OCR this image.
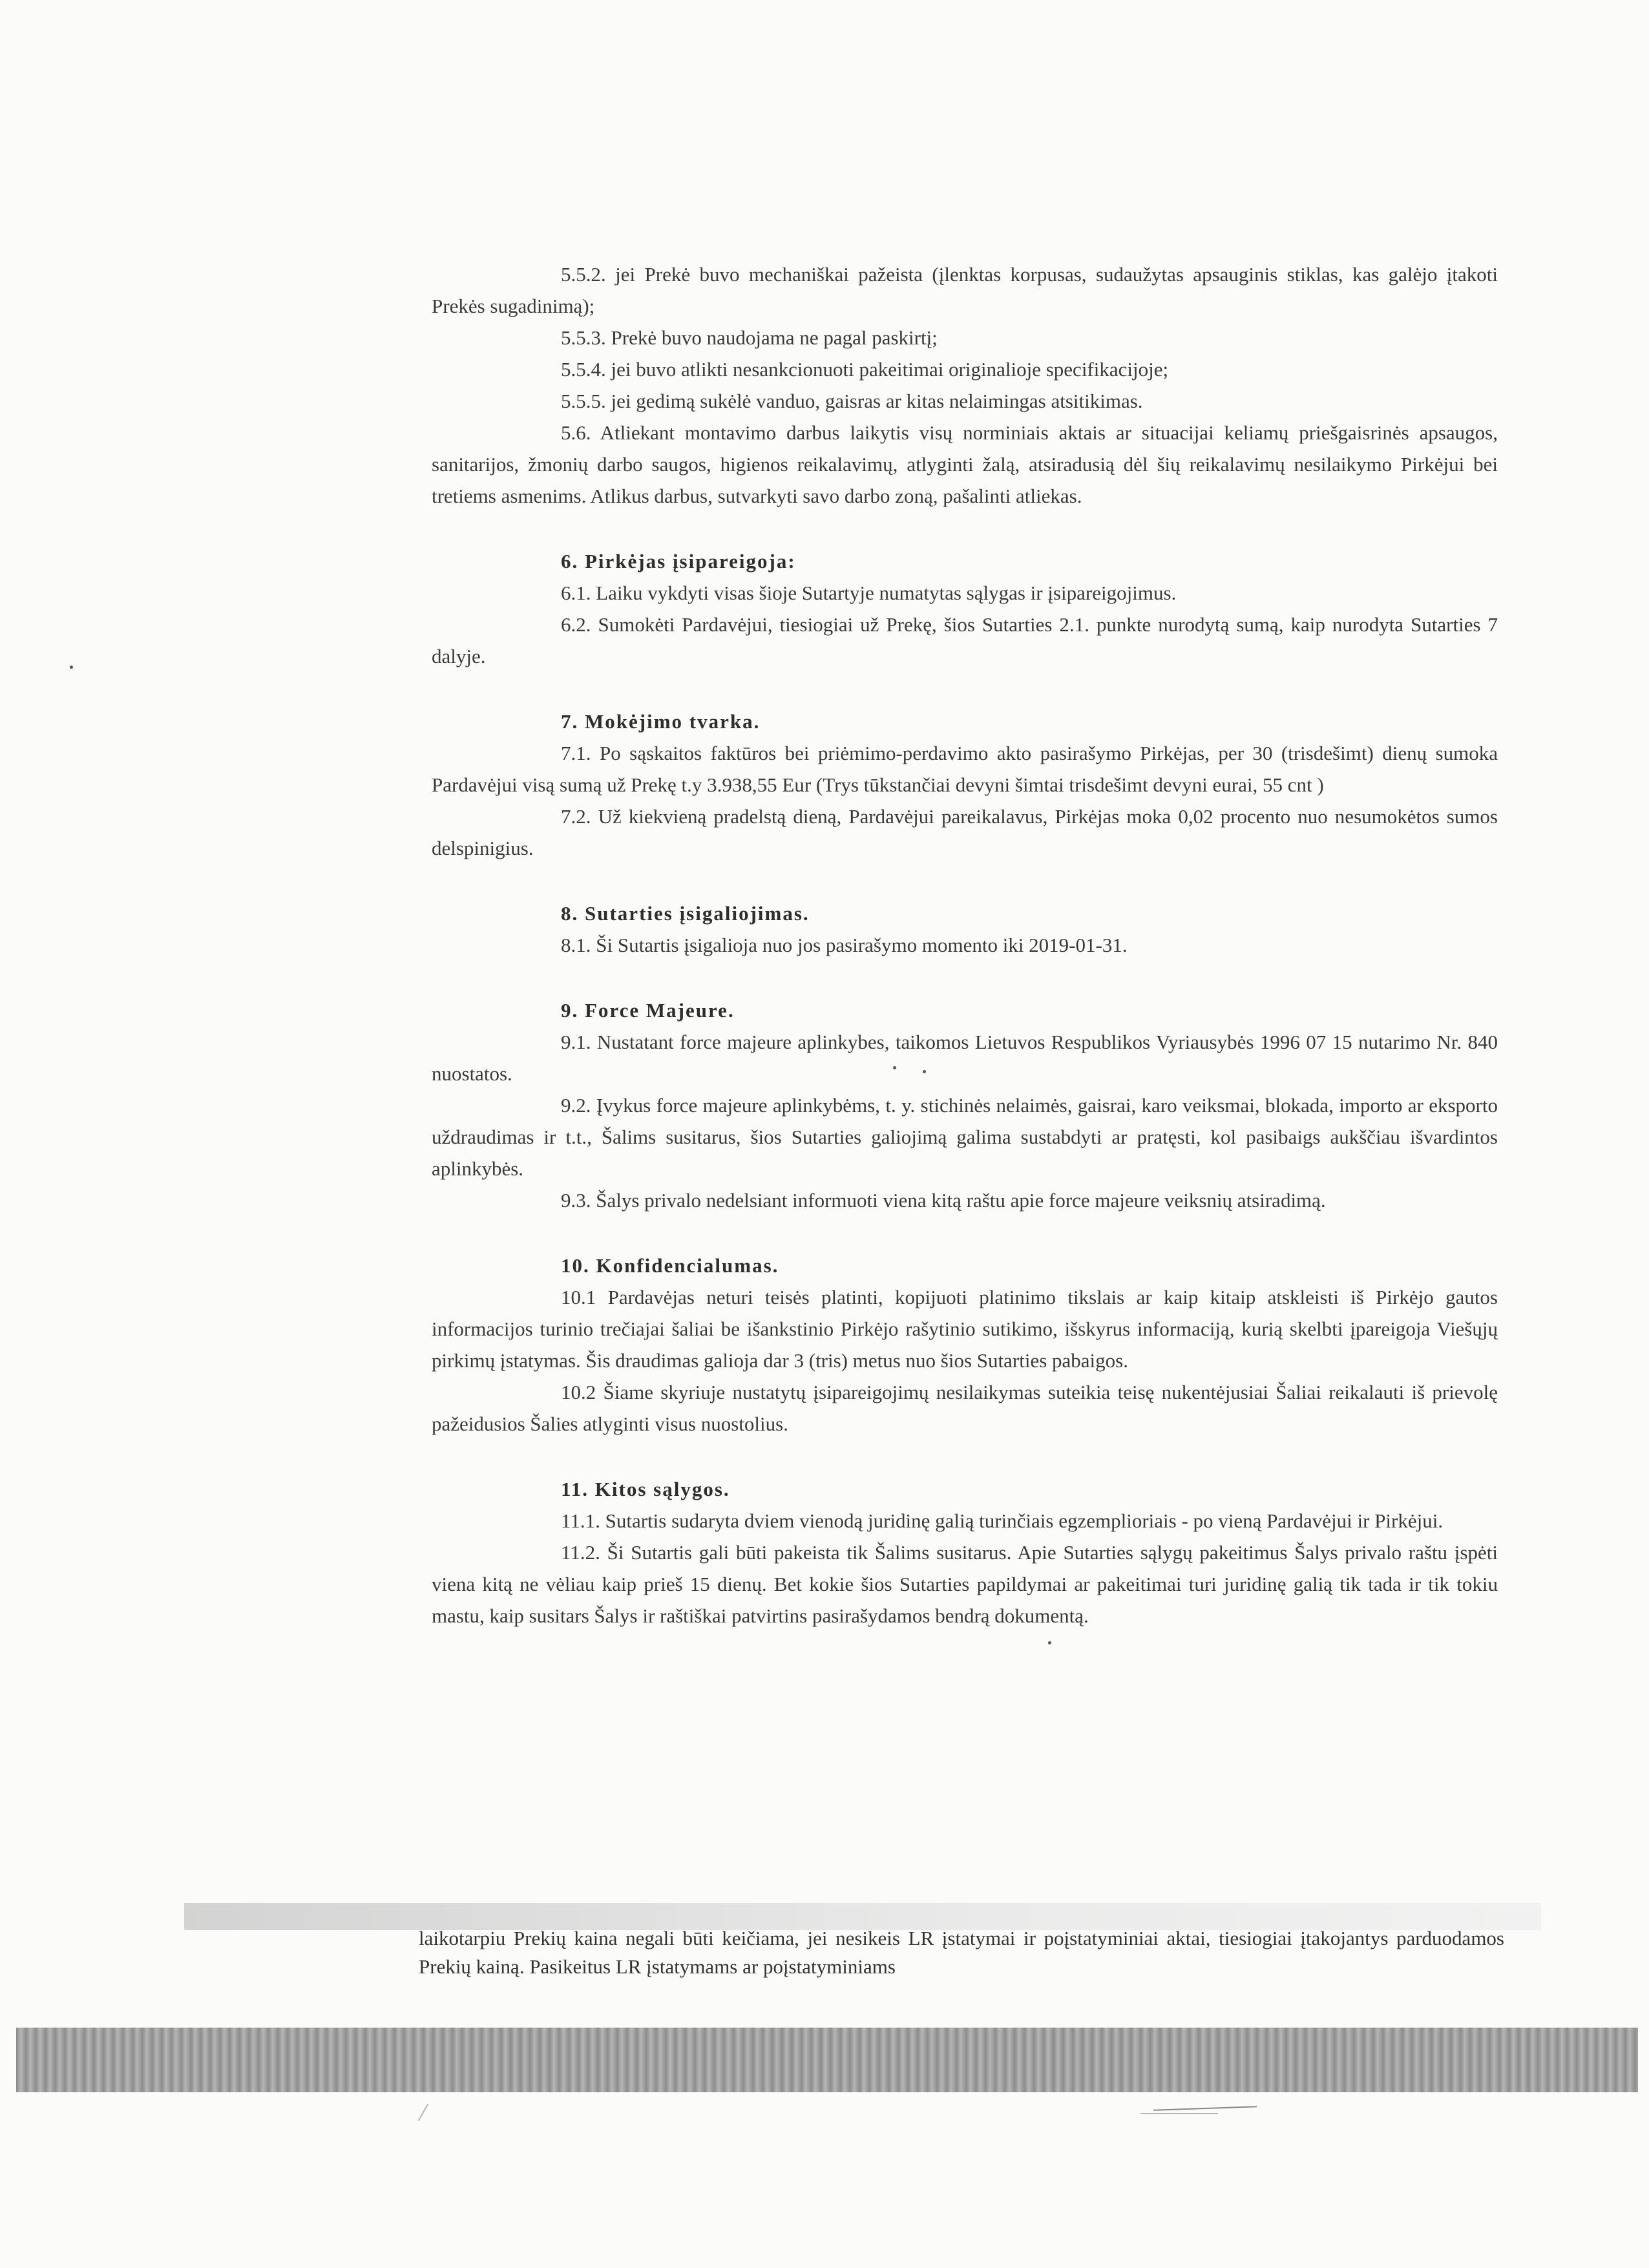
5.5.2. jei Prekė buvo mechaniškai pažeista (įlenktas korpusas, sudaužytas apsauginis stiklas, kas galėjo įtakoti Prekės sugadinimą);

5.5.3. Prekė buvo naudojama ne pagal paskirtį;

5.5.4. jei buvo atlikti nesankcionuoti pakeitimai originalioje specifikacijoje;

5.5.5. jei gedimą sukėlė vanduo, gaisras ar kitas nelaimingas atsitikimas.

5.6. Atliekant montavimo darbus laikytis visų norminiais aktais ar situacijai keliamų priešgaisrinės apsaugos, sanitarijos, žmonių darbo saugos, higienos reikalavimų, atlyginti žalą, atsiradusią dėl šių reikalavimų nesilaikymo Pirkėjui bei tretiems asmenims. Atlikus darbus, sutvarkyti savo darbo zoną, pašalinti atliekas.

6. Pirkėjas įsipareigoja:

6.1. Laiku vykdyti visas šioje Sutartyje numatytas sąlygas ir įsipareigojimus.

6.2. Sumokėti Pardavėjui, tiesiogiai už Prekę, šios Sutarties 2.1. punkte nurodytą sumą, kaip nurodyta Sutarties 7 dalyje.

7. Mokėjimo tvarka.

7.1. Po sąskaitos faktūros bei priėmimo-perdavimo akto pasirašymo Pirkėjas, per 30 (trisdešimt) dienų sumoka Pardavėjui visą sumą už Prekę t.y 3.938,55 Eur (Trys tūkstančiai devyni šimtai trisdešimt devyni eurai, 55 cnt )

7.2. Už kiekvieną pradelstą dieną, Pardavėjui pareikalavus, Pirkėjas moka 0,02 procento nuo nesumokėtos sumos delspinigius.

8. Sutarties įsigaliojimas.

8.1. Ši Sutartis įsigalioja nuo jos pasirašymo momento iki 2019-01-31.

9. Force Majeure.

9.1. Nustatant force majeure aplinkybes, taikomos Lietuvos Respublikos Vyriausybės 1996 07 15 nutarimo Nr. 840 nuostatos.

9.2. Įvykus force majeure aplinkybėms, t. y. stichinės nelaimės, gaisrai, karo veiksmai, blokada, importo ar eksporto uždraudimas ir t.t., Šalims susitarus, šios Sutarties galiojimą galima sustabdyti ar pratęsti, kol pasibaigs aukščiau išvardintos aplinkybės.

9.3. Šalys privalo nedelsiant informuoti viena kitą raštu apie force majeure veiksnių atsiradimą.

10. Konfidencialumas.

10.1 Pardavėjas neturi teisės platinti, kopijuoti platinimo tikslais ar kaip kitaip atskleisti iš Pirkėjo gautos informacijos turinio trečiajai šaliai be išankstinio Pirkėjo rašytinio sutikimo, išskyrus informaciją, kurią skelbti įpareigoja Viešųjų pirkimų įstatymas. Šis draudimas galioja dar 3 (tris) metus nuo šios Sutarties pabaigos.

10.2 Šiame skyriuje nustatytų įsipareigojimų nesilaikymas suteikia teisę nukentėjusiai Šaliai reikalauti iš prievolę pažeidusios Šalies atlyginti visus nuostolius.

11. Kitos sąlygos.

11.1. Sutartis sudaryta dviem vienodą juridinę galią turinčiais egzemplioriais - po vieną Pardavėjui ir Pirkėjui.

11.2. Ši Sutartis gali būti pakeista tik Šalims susitarus. Apie Sutarties sąlygų pakeitimus Šalys privalo raštu įspėti viena kitą ne vėliau kaip prieš 15 dienų. Bet kokie šios Sutarties papildymai ar pakeitimai turi juridinę galią tik tada ir tik tokiu mastu, kaip susitars Šalys ir raštiškai patvirtins pasirašydamos bendrą dokumentą.

laikotarpiu Prekių kaina negali būti keičiama, jei nesikeis LR įstatymai ir poįstatyminiai aktai, tiesiogiai įtakojantys parduodamos Prekių kainą. Pasikeitus LR įstatymams ar poįstatyminiams
